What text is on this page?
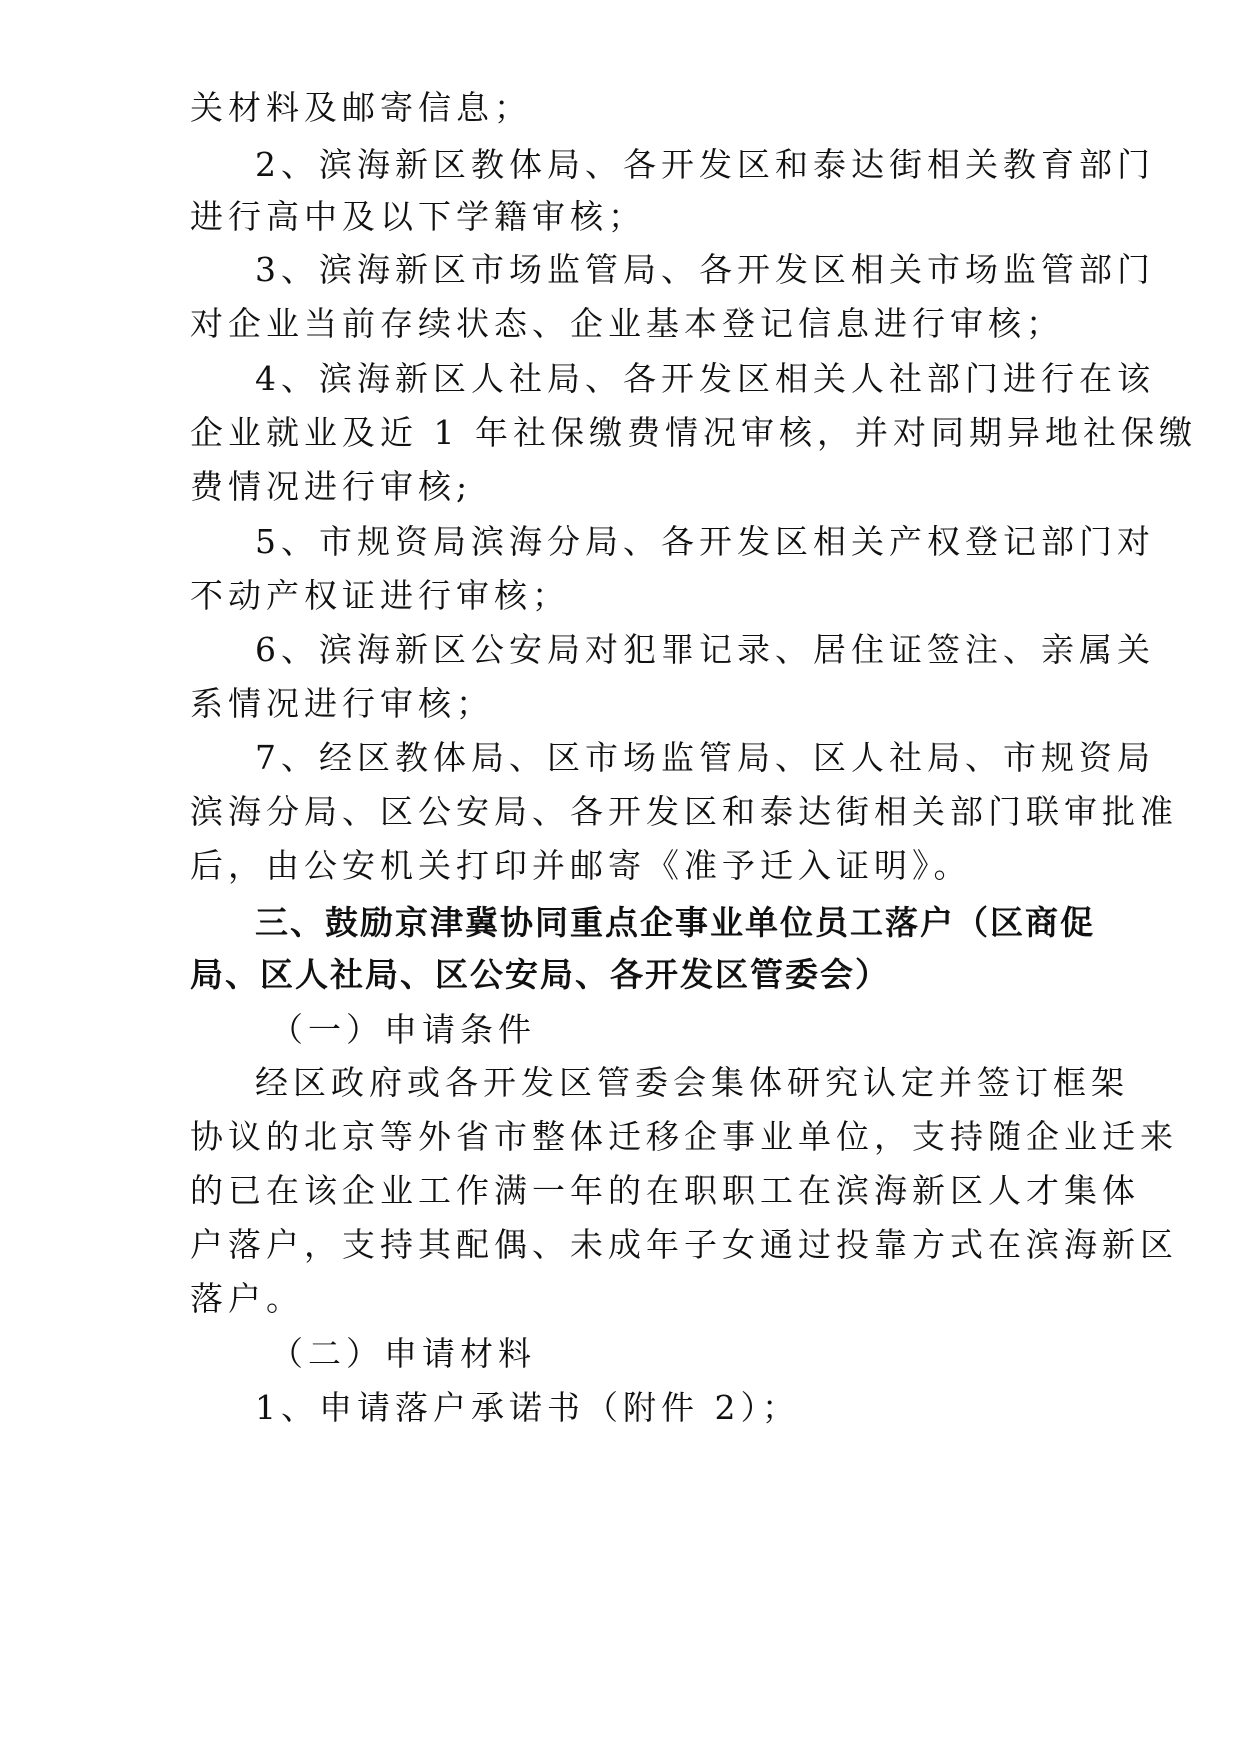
关材料及邮寄信息；
2、滨海新区教体局、各开发区和泰达街相关教育部门
进行高中及以下学籍审核；
3、滨海新区市场监管局、各开发区相关市场监管部门
对企业当前存续状态、企业基本登记信息进行审核；
4、滨海新区人社局、各开发区相关人社部门进行在该
企业就业及近 1 年社保缴费情况审核，并对同期异地社保缴
费情况进行审核;
5、市规资局滨海分局、各开发区相关产权登记部门对
不动产权证进行审核；
6、滨海新区公安局对犯罪记录、居住证签注、亲属关
系情况进行审核；
7、经区教体局、区市场监管局、区人社局、市规资局
滨海分局、区公安局、各开发区和泰达街相关部门联审批准
后，由公安机关打印并邮寄《准予迁入证明》。
三、鼓励京津冀协同重点企事业单位员工落户（区商促
局、区人社局、区公安局、各开发区管委会）
（一）申请条件
经区政府或各开发区管委会集体研究认定并签订框架
协议的北京等外省市整体迁移企事业单位，支持随企业迁来
的已在该企业工作满一年的在职职工在滨海新区人才集体
户落户，支持其配偶、未成年子女通过投靠方式在滨海新区
落户。
（二）申请材料
1、申请落户承诺书（附件 2）；
